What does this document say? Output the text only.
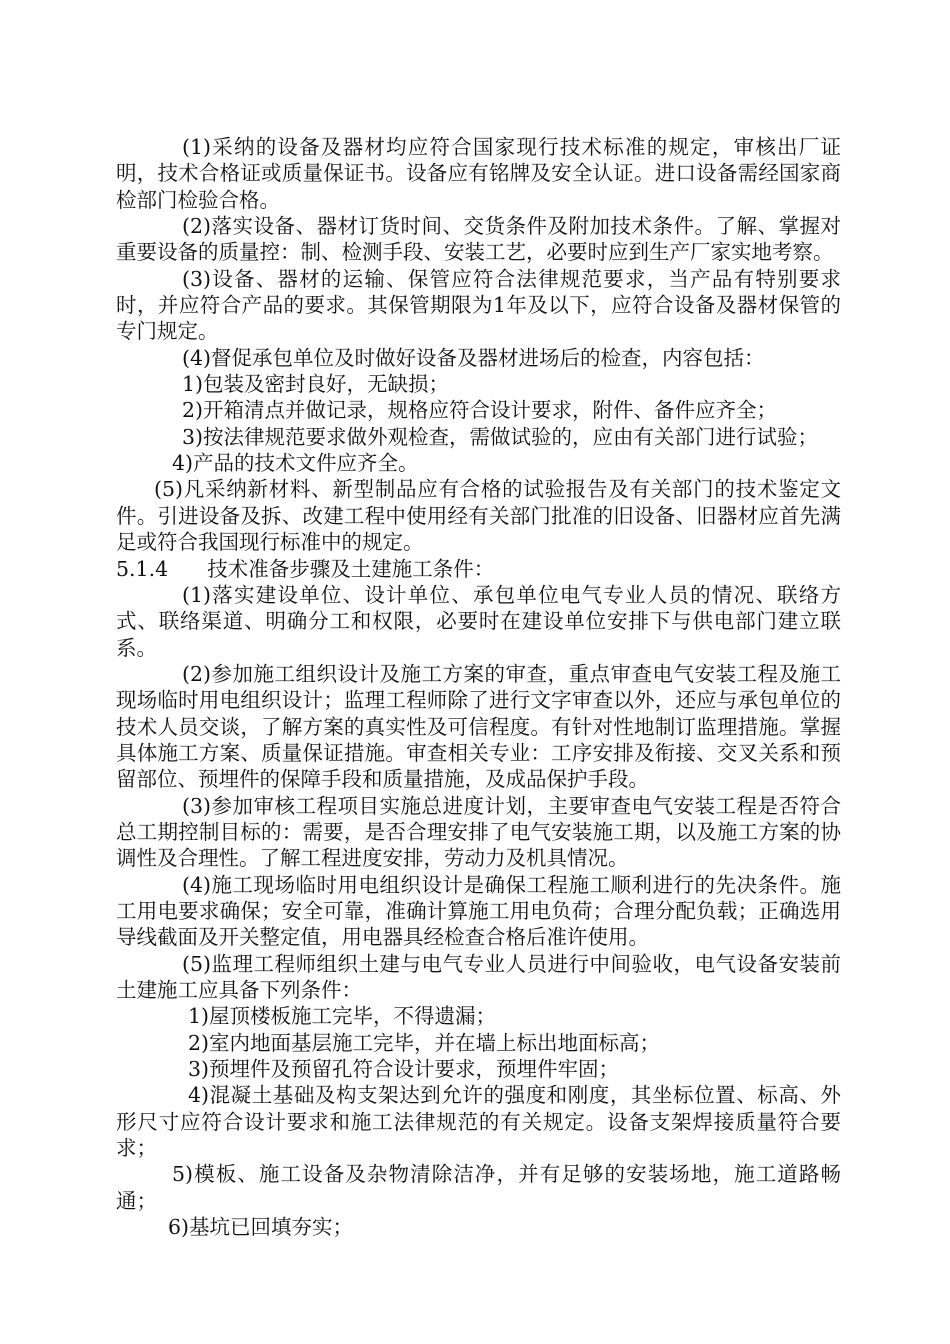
(1)采纳的设备及器材均应符合国家现行技术标准的规定，审核出厂证明，技术合格证或质量保证书。设备应有铭牌及安全认证。进口设备需经国家商检部门检验合格。

(2)落实设备、器材订货时间、交货条件及附加技术条件。了解、掌握对重要设备的质量控：制、检测手段、安装工艺，必要时应到生产厂家实地考察。

(3)设备、器材的运输、保管应符合法律规范要求，当产品有特别要求时，并应符合产品的要求。其保管期限为1年及以下，应符合设备及器材保管的专门规定。

(4)督促承包单位及时做好设备及器材进场后的检查，内容包括：

1)包装及密封良好，无缺损；

2)开箱清点并做记录，规格应符合设计要求，附件、备件应齐全；

3)按法律规范要求做外观检查，需做试验的，应由有关部门进行试验；

4)产品的技术文件应齐全。

(5)凡采纳新材料、新型制品应有合格的试验报告及有关部门的技术鉴定文件。引进设备及拆、改建工程中使用经有关部门批准的旧设备、旧器材应首先满足或符合我国现行标准中的规定。

5.1.4      技术准备步骤及土建施工条件：

(1)落实建设单位、设计单位、承包单位电气专业人员的情况、联络方式、联络渠道、明确分工和权限，必要时在建设单位安排下与供电部门建立联系。

(2)参加施工组织设计及施工方案的审查，重点审查电气安装工程及施工现场临时用电组织设计；监理工程师除了进行文字审查以外，还应与承包单位的技术人员交谈，了解方案的真实性及可信程度。有针对性地制订监理措施。掌握具体施工方案、质量保证措施。审查相关专业：工序安排及衔接、交叉关系和预留部位、预埋件的保障手段和质量措施，及成品保护手段。

(3)参加审核工程项目实施总进度计划，主要审查电气安装工程是否符合总工期控制目标的：需要，是否合理安排了电气安装施工期，以及施工方案的协调性及合理性。了解工程进度安排，劳动力及机具情况。

(4)施工现场临时用电组织设计是确保工程施工顺利进行的先决条件。施工用电要求确保；安全可靠，准确计算施工用电负荷；合理分配负载；正确选用导线截面及开关整定值，用电器具经检查合格后准许使用。

(5)监理工程师组织土建与电气专业人员进行中间验收，电气设备安装前土建施工应具备下列条件：

1)屋顶楼板施工完毕，不得遗漏；

2)室内地面基层施工完毕，并在墙上标出地面标高；

3)预埋件及预留孔符合设计要求，预埋件牢固；

4)混凝土基础及构支架达到允许的强度和刚度，其坐标位置、标高、外形尺寸应符合设计要求和施工法律规范的有关规定。设备支架焊接质量符合要求；

5)模板、施工设备及杂物清除洁净，并有足够的安装场地，施工道路畅通；

6)基坑已回填夯实；
